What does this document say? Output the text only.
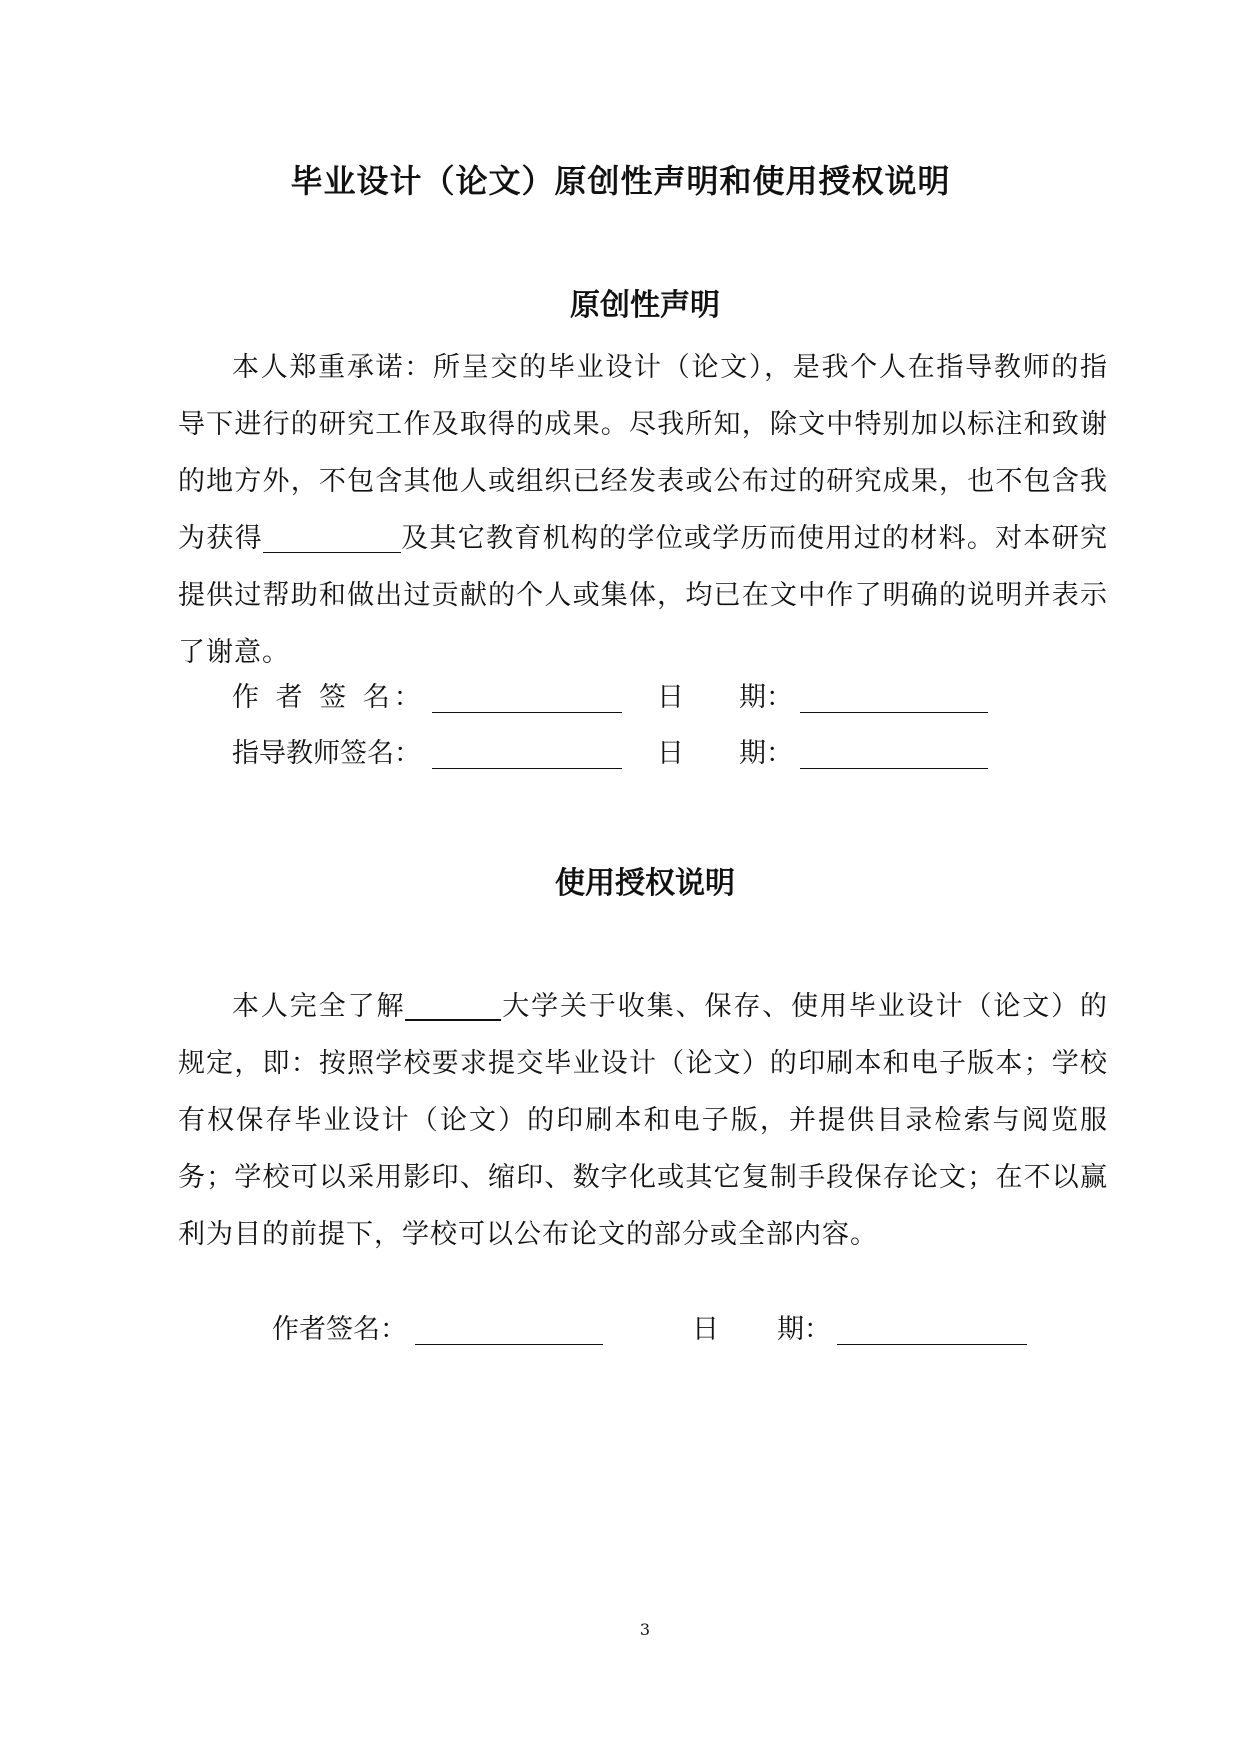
毕业设计（论文）原创性声明和使用授权说明
原创性声明
本人郑重承诺：所呈交的毕业设计（论文），是我个人在指导教师的指导下进行的研究工作及取得的成果。尽我所知，除文中特别加以标注和致谢的地方外，不包含其他人或组织已经发表或公布过的研究成果，也不包含我为获得	及其它教育机构的学位或学历而使用过的材料。对本研究提供过帮助和做出过贡献的个人或集体，均已在文中作了明确的说明并表示了谢意。
作 者 签 名：	日 期：
指导教师签名：	日 期：
使用授权说明
本人完全了解	大学关于收集、保存、使用毕业设计（论文）的规定，即：按照学校要求提交毕业设计（论文）的印刷本和电子版本；学校有权保存毕业设计（论文）的印刷本和电子版，并提供目录检索与阅览服务；学校可以采用影印、缩印、数字化或其它复制手段保存论文；在不以赢利为目的前提下，学校可以公布论文的部分或全部内容。
作者签名：	日 期：
3
